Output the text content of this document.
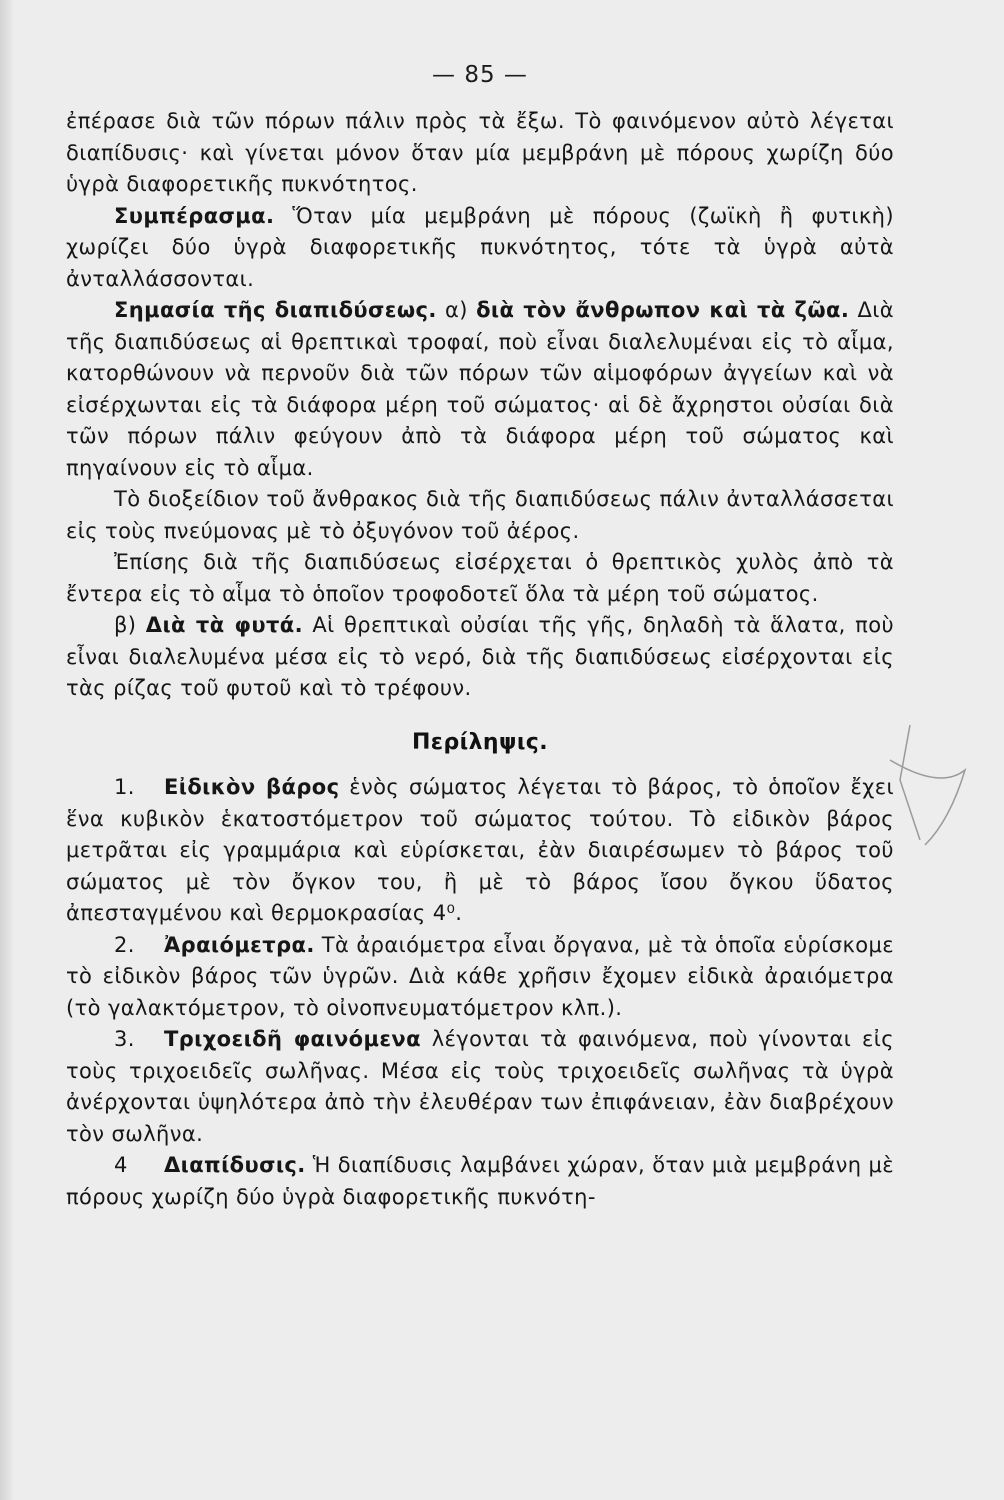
— 85 —

ἐπέρασε διὰ τῶν πόρων πάλιν πρὸς τὰ ἔξω. Τὸ φαινόμενον αὐτὸ λέγεται διαπίδυσις· καὶ γίνεται μόνον ὅταν μία μεμβράνη μὲ πόρους χωρίζη δύο ὑγρὰ διαφορετικῆς πυκνότητος.

Συμπέρασμα. Ὅταν μία μεμβράνη μὲ πόρους (ζωϊκὴ ἢ φυτικὴ) χωρίζει δύο ὑγρὰ διαφορετικῆς πυκνότητος, τότε τὰ ὑγρὰ αὐτὰ ἀνταλλάσσονται.

Σημασία τῆς διαπιδύσεως. α) διὰ τὸν ἄνθρωπον καὶ τὰ ζῶα. Διὰ τῆς διαπιδύσεως αἱ θρεπτικαὶ τροφαί, ποὺ εἶναι διαλελυμέναι εἰς τὸ αἷμα, κατορθώνουν νὰ περνοῦν διὰ τῶν πόρων τῶν αἱμοφόρων ἀγγείων καὶ νὰ εἰσέρχωνται εἰς τὰ διάφορα μέρη τοῦ σώματος· αἱ δὲ ἄχρηστοι οὐσίαι διὰ τῶν πόρων πάλιν φεύγουν ἀπὸ τὰ διάφορα μέρη τοῦ σώματος καὶ πηγαίνουν εἰς τὸ αἷμα.

Τὸ διοξείδιον τοῦ ἄνθρακος διὰ τῆς διαπιδύσεως πάλιν ἀνταλλάσσεται εἰς τοὺς πνεύμονας μὲ τὸ ὀξυγόνον τοῦ ἀέρος.

Ἐπίσης διὰ τῆς διαπιδύσεως εἰσέρχεται ὁ θρεπτικὸς χυλὸς ἀπὸ τὰ ἔντερα εἰς τὸ αἷμα τὸ ὁποῖον τροφοδοτεῖ ὅλα τὰ μέρη τοῦ σώματος.

β) Διὰ τὰ φυτά. Αἱ θρεπτικαὶ οὐσίαι τῆς γῆς, δηλαδὴ τὰ ἅλατα, ποὺ εἶναι διαλελυμένα μέσα εἰς τὸ νερό, διὰ τῆς διαπιδύσεως εἰσέρχονται εἰς τὰς ρίζας τοῦ φυτοῦ καὶ τὸ τρέφουν.

Περίληψις.

1. Εἰδικὸν βάρος ἑνὸς σώματος λέγεται τὸ βάρος, τὸ ὁποῖον ἔχει ἕνα κυβικὸν ἑκατοστόμετρον τοῦ σώματος τούτου. Τὸ εἰδικὸν βάρος μετρᾶται εἰς γραμμάρια καὶ εὑρίσκεται, ἐὰν διαιρέσωμεν τὸ βάρος τοῦ σώματος μὲ τὸν ὄγκον του, ἢ μὲ τὸ βάρος ἴσου ὄγκου ὕδατος ἀπεσταγμένου καὶ θερμοκρασίας 4⁰.

2. Ἀραιόμετρα. Τὰ ἀραιόμετρα εἶναι ὄργανα, μὲ τὰ ὁποῖα εὑρίσκομε τὸ εἰδικὸν βάρος τῶν ὑγρῶν. Διὰ κάθε χρῆσιν ἔχομεν εἰδικὰ ἀραιόμετρα (τὸ γαλακτόμετρον, τὸ οἰνοπνευματόμετρον κλπ.).

3. Τριχοειδῆ φαινόμενα λέγονται τὰ φαινόμενα, ποὺ γίνονται εἰς τοὺς τριχοειδεῖς σωλῆνας. Μέσα εἰς τοὺς τριχοειδεῖς σωλῆνας τὰ ὑγρὰ ἀνέρχονται ὑψηλότερα ἀπὸ τὴν ἐλευθέραν των ἐπιφάνειαν, ἐὰν διαβρέχουν τὸν σωλῆνα.

4 Διαπίδυσις. Ἡ διαπίδυσις λαμβάνει χώραν, ὅταν μιὰ μεμβράνη μὲ πόρους χωρίζη δύο ὑγρὰ διαφορετικῆς πυκνότη-
